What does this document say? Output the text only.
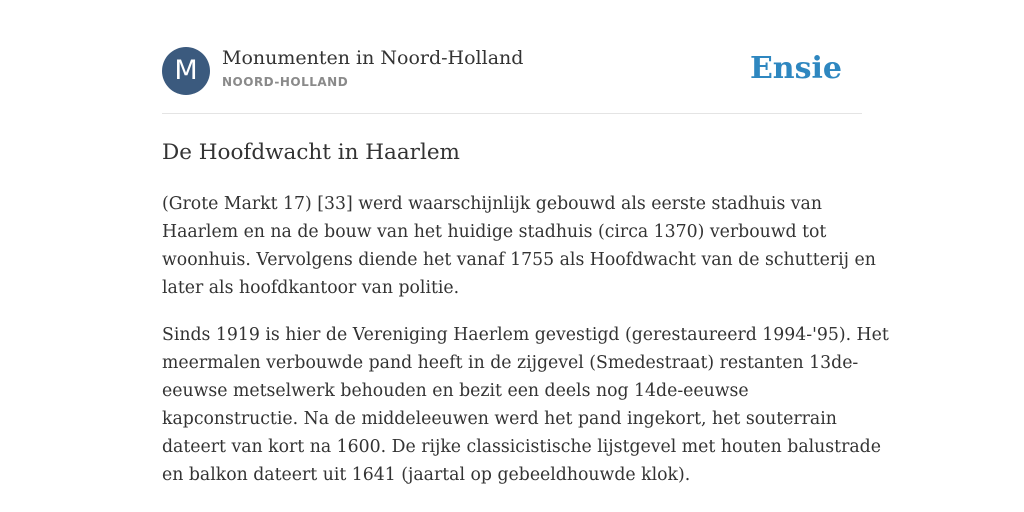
M	Monumenten in Noord-Holland
NOORD-HOLLAND	Ensie
De Hoofdwacht in Haarlem

(Grote Markt 17) [33] werd waarschijnlijk gebouwd als eerste stadhuis van
Haarlem en na de bouw van het huidige stadhuis (circa 1370) verbouwd tot
woonhuis. Vervolgens diende het vanaf 1755 als Hoofdwacht van de schutterij en
later als hoofdkantoor van politie.

Sinds 1919 is hier de Vereniging Haerlem gevestigd (gerestaureerd 1994-'95). Het
meermalen verbouwde pand heeft in de zijgevel (Smedestraat) restanten 13de-
eeuwse metselwerk behouden en bezit een deels nog 14de-eeuwse
kapconstructie. Na de middeleeuwen werd het pand ingekort, het souterrain
dateert van kort na 1600. De rijke classicistische lijstgevel met houten balustrade
en balkon dateert uit 1641 (jaartal op gebeeldhouwde klok).
